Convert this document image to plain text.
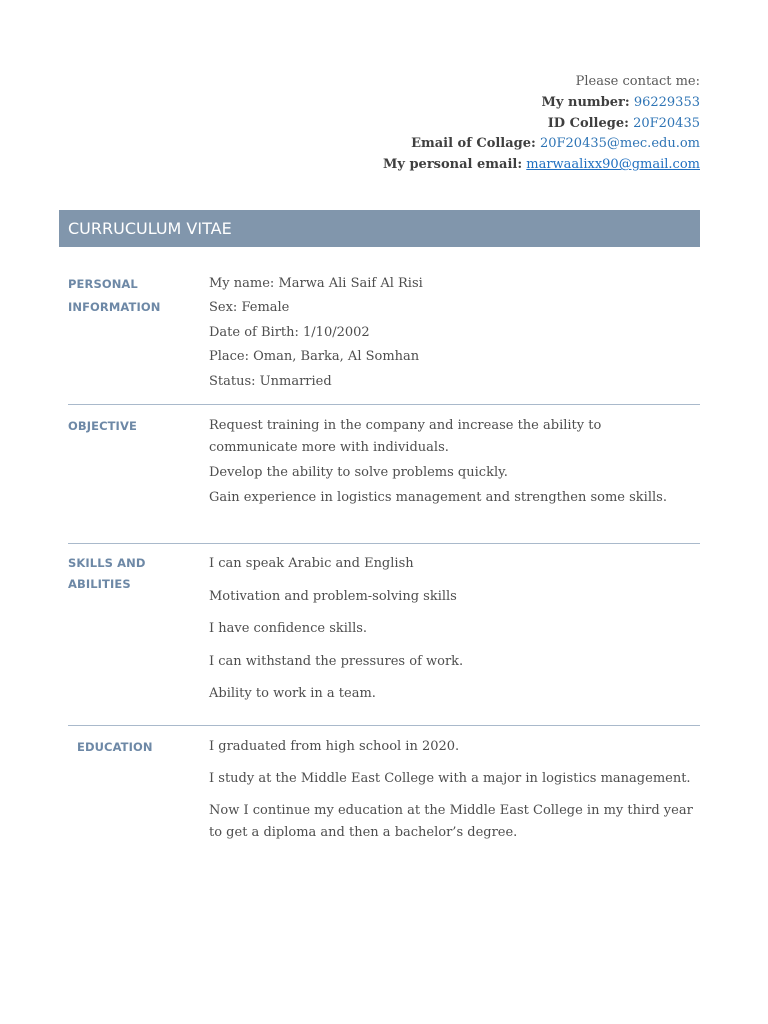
Please contact me:
My number: 96229353
ID College: 20F20435
Email of Collage: 20F20435@mec.edu.om
My personal email: marwaalixx90@gmail.com
CURRUCULUM VITAE
PERSONAL INFORMATION

My name: Marwa Ali Saif Al Risi

Sex: Female

Date of Birth: 1/10/2002

Place: Oman, Barka, Al Somhan

Status: Unmarried

OBJECTIVE	Request training in the company and increase the ability to communicate more with individuals.

Develop the ability to solve problems quickly.

Gain experience in logistics management and strengthen some skills.

SKILLS AND ABILITIES

I can speak Arabic and English

Motivation and problem-solving skills

I have confidence skills.

I can withstand the pressures of work.

Ability to work in a team.

EDUCATION	I graduated from high school in 2020.

I study at the Middle East College with a major in logistics management.

Now I continue my education at the Middle East College in my third year to get a diploma and then a bachelor’s degree.
